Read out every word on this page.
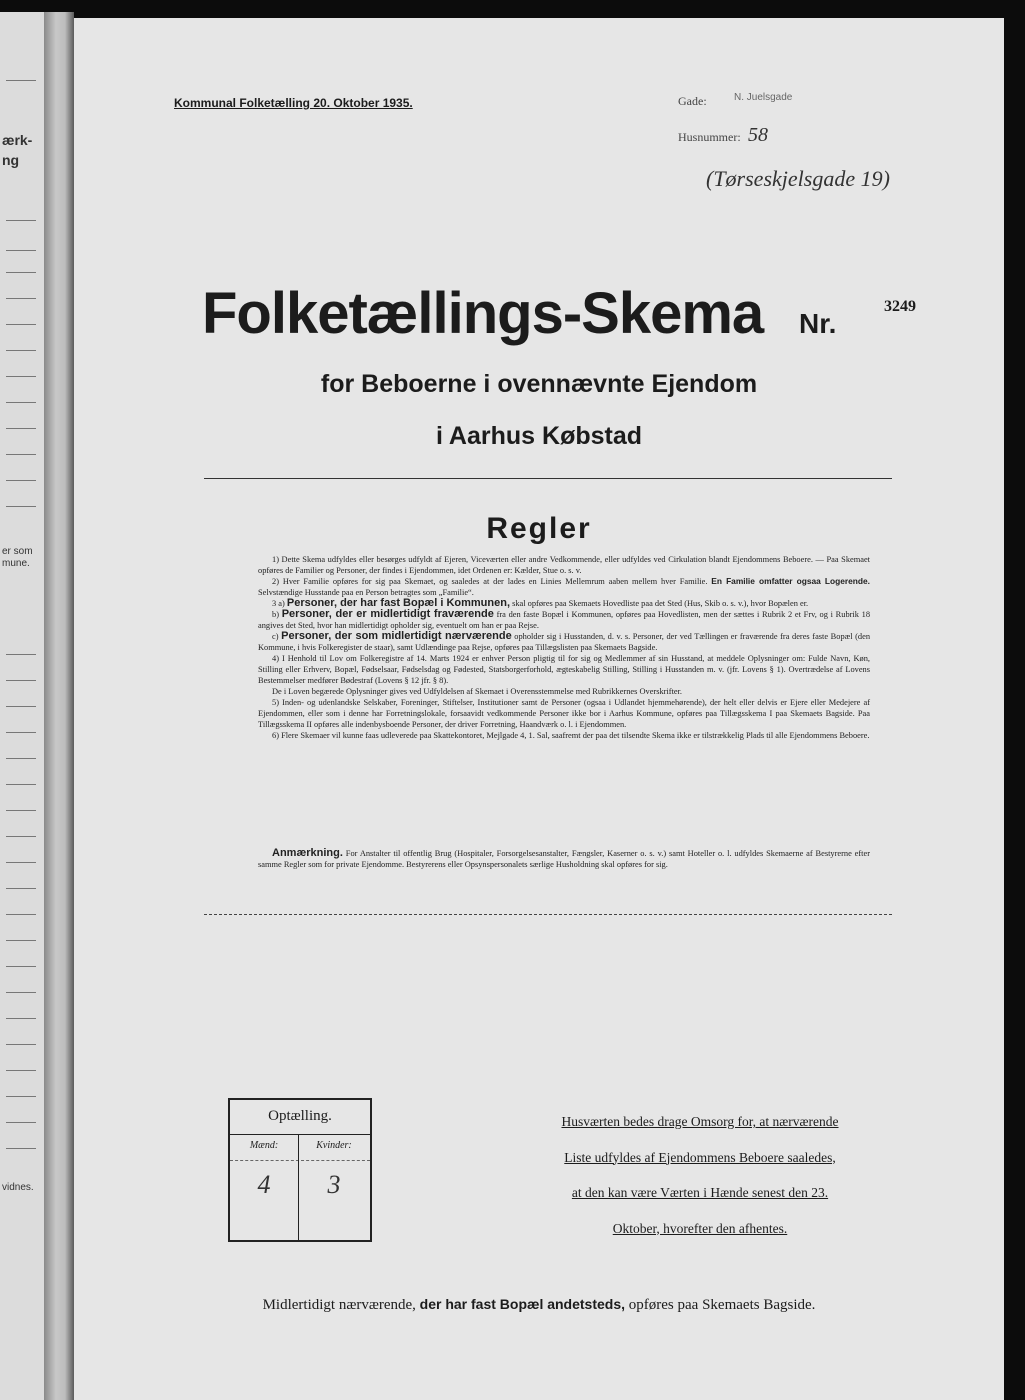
ærk-
ng
er som
mune.
vidnes.
Kommunal Folketælling 20. Oktober 1935.	Gade:	N. Juelsgade
Husnummer: 58
(Tørseskjelsgade 19)
Folketællings-Skema Nr.
3249
for Beboerne i ovennævnte Ejendom
i Aarhus Købstad
Regler

1) Dette Skema udfyldes eller besørges udfyldt af Ejeren, Viceværten eller andre Vedkommende, eller udfyldes ved Cirkulation blandt Ejendommens Beboere. — Paa Skemaet opføres de Familier og Personer, der findes i Ejendommen, idet Ordenen er: Kælder, Stue o. s. v.

2) Hver Familie opføres for sig paa Skemaet, og saaledes at der lades en Linies Mellemrum aaben mellem hver Familie. En Familie omfatter ogsaa Logerende. Selvstændige Husstande paa en Person betragtes som „Familie“.

3 a) Personer, der har fast Bopæl i Kommunen, skal opføres paa Skemaets Hovedliste paa det Sted (Hus, Skib o. s. v.), hvor Bopælen er.

b) Personer, der er midlertidigt fraværende fra den faste Bopæl i Kommunen, opføres paa Hovedlisten, men der sættes i Rubrik 2 et Frv, og i Rubrik 18 angives det Sted, hvor han midlertidigt opholder sig, eventuelt om han er paa Rejse.

c) Personer, der som midlertidigt nærværende opholder sig i Husstanden, d. v. s. Personer, der ved Tællingen er fraværende fra deres faste Bopæl (den Kommune, i hvis Folkeregister de staar), samt Udlændinge paa Rejse, opføres paa Tillægslisten paa Skemaets Bagside.

4) I Henhold til Lov om Folkeregistre af 14. Marts 1924 er enhver Person pligtig til for sig og Medlemmer af sin Husstand, at meddele Oplysninger om: Fulde Navn, Køn, Stilling eller Erhverv, Bopæl, Fødselsaar, Fødselsdag og Fødested, Statsborgerforhold, ægteskabelig Stilling, Stilling i Husstanden m. v. (jfr. Lovens § 1). Overtrædelse af Lovens Bestemmelser medfører Bødestraf (Lovens § 12 jfr. § 8).

De i Loven begærede Oplysninger gives ved Udfyldelsen af Skemaet i Overensstemmelse med Rubrikkernes Overskrifter.

5) Inden- og udenlandske Selskaber, Foreninger, Stiftelser, Institutioner samt de Personer (ogsaa i Udlandet hjemmehørende), der helt eller delvis er Ejere eller Medejere af Ejendommen, eller som i denne har Forretningslokale, forsaavidt vedkommende Personer ikke bor i Aarhus Kommune, opføres paa Tillægsskema I paa Skemaets Bagside. Paa Tillægsskema II opføres alle indenbysboende Personer, der driver Forretning, Haandværk o. l. i Ejendommen.

6) Flere Skemaer vil kunne faas udleverede paa Skattekontoret, Mejlgade 4, 1. Sal, saafremt der paa det tilsendte Skema ikke er tilstrækkelig Plads til alle Ejendommens Beboere.

Anmærkning. For Anstalter til offentlig Brug (Hospitaler, Forsorgelsesanstalter, Fængsler, Kaserner o. s. v.) samt Hoteller o. l. udfyldes Skemaerne af Bestyrerne efter samme Regler som for private Ejendomme. Bestyrerens eller Opsynspersonalets særlige Husholdning skal opføres for sig.

Optælling.
Mænd:	Kvinder:
4	3
Husværten bedes drage Omsorg for, at nærværende
Liste udfyldes af Ejendommens Beboere saaledes,
at den kan være Værten i Hænde senest den 23.
Oktober, hvorefter den afhentes.
Midlertidigt nærværende, der har fast Bopæl andetsteds, opføres paa Skemaets Bagside.
